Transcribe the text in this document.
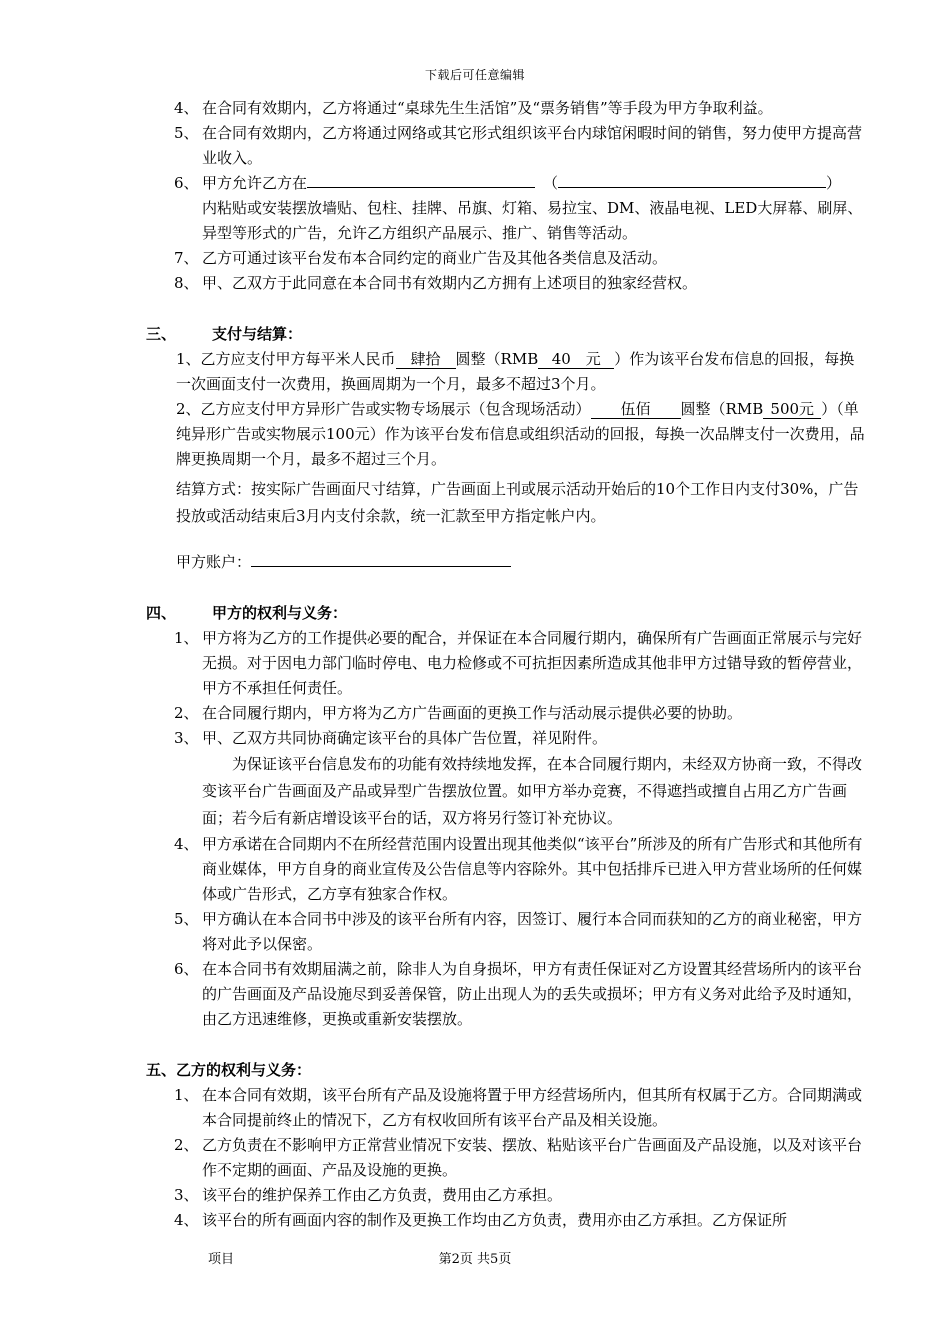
下载后可任意编辑

4、 在合同有效期内，乙方将通过“桌球先生生活馆”及“票务销售”等手段为甲方争取利益。

5、 在合同有效期内，乙方将通过网络或其它形式组织该平台内球馆闲暇时间的销售，努力使甲方提高营业收入。

6、 甲方允许乙方在	（	）
内粘贴或安装摆放墙贴、包柱、挂牌、吊旗、灯箱、易拉宝、DM、液晶电视、LED大屏幕、刷屏、异型等形式的广告，允许乙方组织产品展示、推广、销售等活动。

7、 乙方可通过该平台发布本合同约定的商业广告及其他各类信息及活动。

8、 甲、乙双方于此同意在本合同书有效期内乙方拥有上述项目的独家经营权。

三、 支付与结算：

1、乙方应支付甲方每平米人民币 肆拾 圆整（RMB 40　元 ）作为该平台发布信息的回报，每换一次画面支付一次费用，换画周期为一个月，最多不超过3个月。

2、乙方应支付甲方异形广告或实物专场展示（包含现场活动） 伍佰 圆整（RMB 500元 ）（单纯异形广告或实物展示100元）作为该平台发布信息或组织活动的回报，每换一次品牌支付一次费用，品牌更换周期一个月，最多不超过三个月。

结算方式：按实际广告画面尺寸结算，广告画面上刊或展示活动开始后的10个工作日内支付30%，广告投放或活动结束后3月内支付余款，统一汇款至甲方指定帐户内。

甲方账户：

四、 甲方的权利与义务：

1、 甲方将为乙方的工作提供必要的配合，并保证在本合同履行期内，确保所有广告画面正常展示与完好无损。对于因电力部门临时停电、电力检修或不可抗拒因素所造成其他非甲方过错导致的暂停营业，甲方不承担任何责任。

2、 在合同履行期内，甲方将为乙方广告画面的更换工作与活动展示提供必要的协助。

3、 甲、乙双方共同协商确定该平台的具体广告位置，祥见附件。

为保证该平台信息发布的功能有效持续地发挥，在本合同履行期内，未经双方协商一致，不得改变该平台广告画面及产品或异型广告摆放位置。如甲方举办竞赛，不得遮挡或擅自占用乙方广告画面；若今后有新店增设该平台的话，双方将另行签订补充协议。

4、 甲方承诺在合同期内不在所经营范围内设置出现其他类似“该平台”所涉及的所有广告形式和其他所有商业媒体，甲方自身的商业宣传及公告信息等内容除外。其中包括排斥已进入甲方营业场所的任何媒体或广告形式，乙方享有独家合作权。

5、 甲方确认在本合同书中涉及的该平台所有内容，因签订、履行本合同而获知的乙方的商业秘密，甲方将对此予以保密。

6、 在本合同书有效期届满之前，除非人为自身损坏，甲方有责任保证对乙方设置其经营场所内的该平台的广告画面及产品设施尽到妥善保管，防止出现人为的丢失或损坏；甲方有义务对此给予及时通知，由乙方迅速维修，更换或重新安装摆放。

五、乙方的权利与义务：

1、 在本合同有效期，该平台所有产品及设施将置于甲方经营场所内，但其所有权属于乙方。合同期满或本合同提前终止的情况下，乙方有权收回所有该平台产品及相关设施。

2、 乙方负责在不影响甲方正常营业情况下安装、摆放、粘贴该平台广告画面及产品设施，以及对该平台作不定期的画面、产品及设施的更换。

3、 该平台的维护保养工作由乙方负责，费用由乙方承担。

4、 该平台的所有画面内容的制作及更换工作均由乙方负责，费用亦由乙方承担。乙方保证所

项目	第2页 共5页
